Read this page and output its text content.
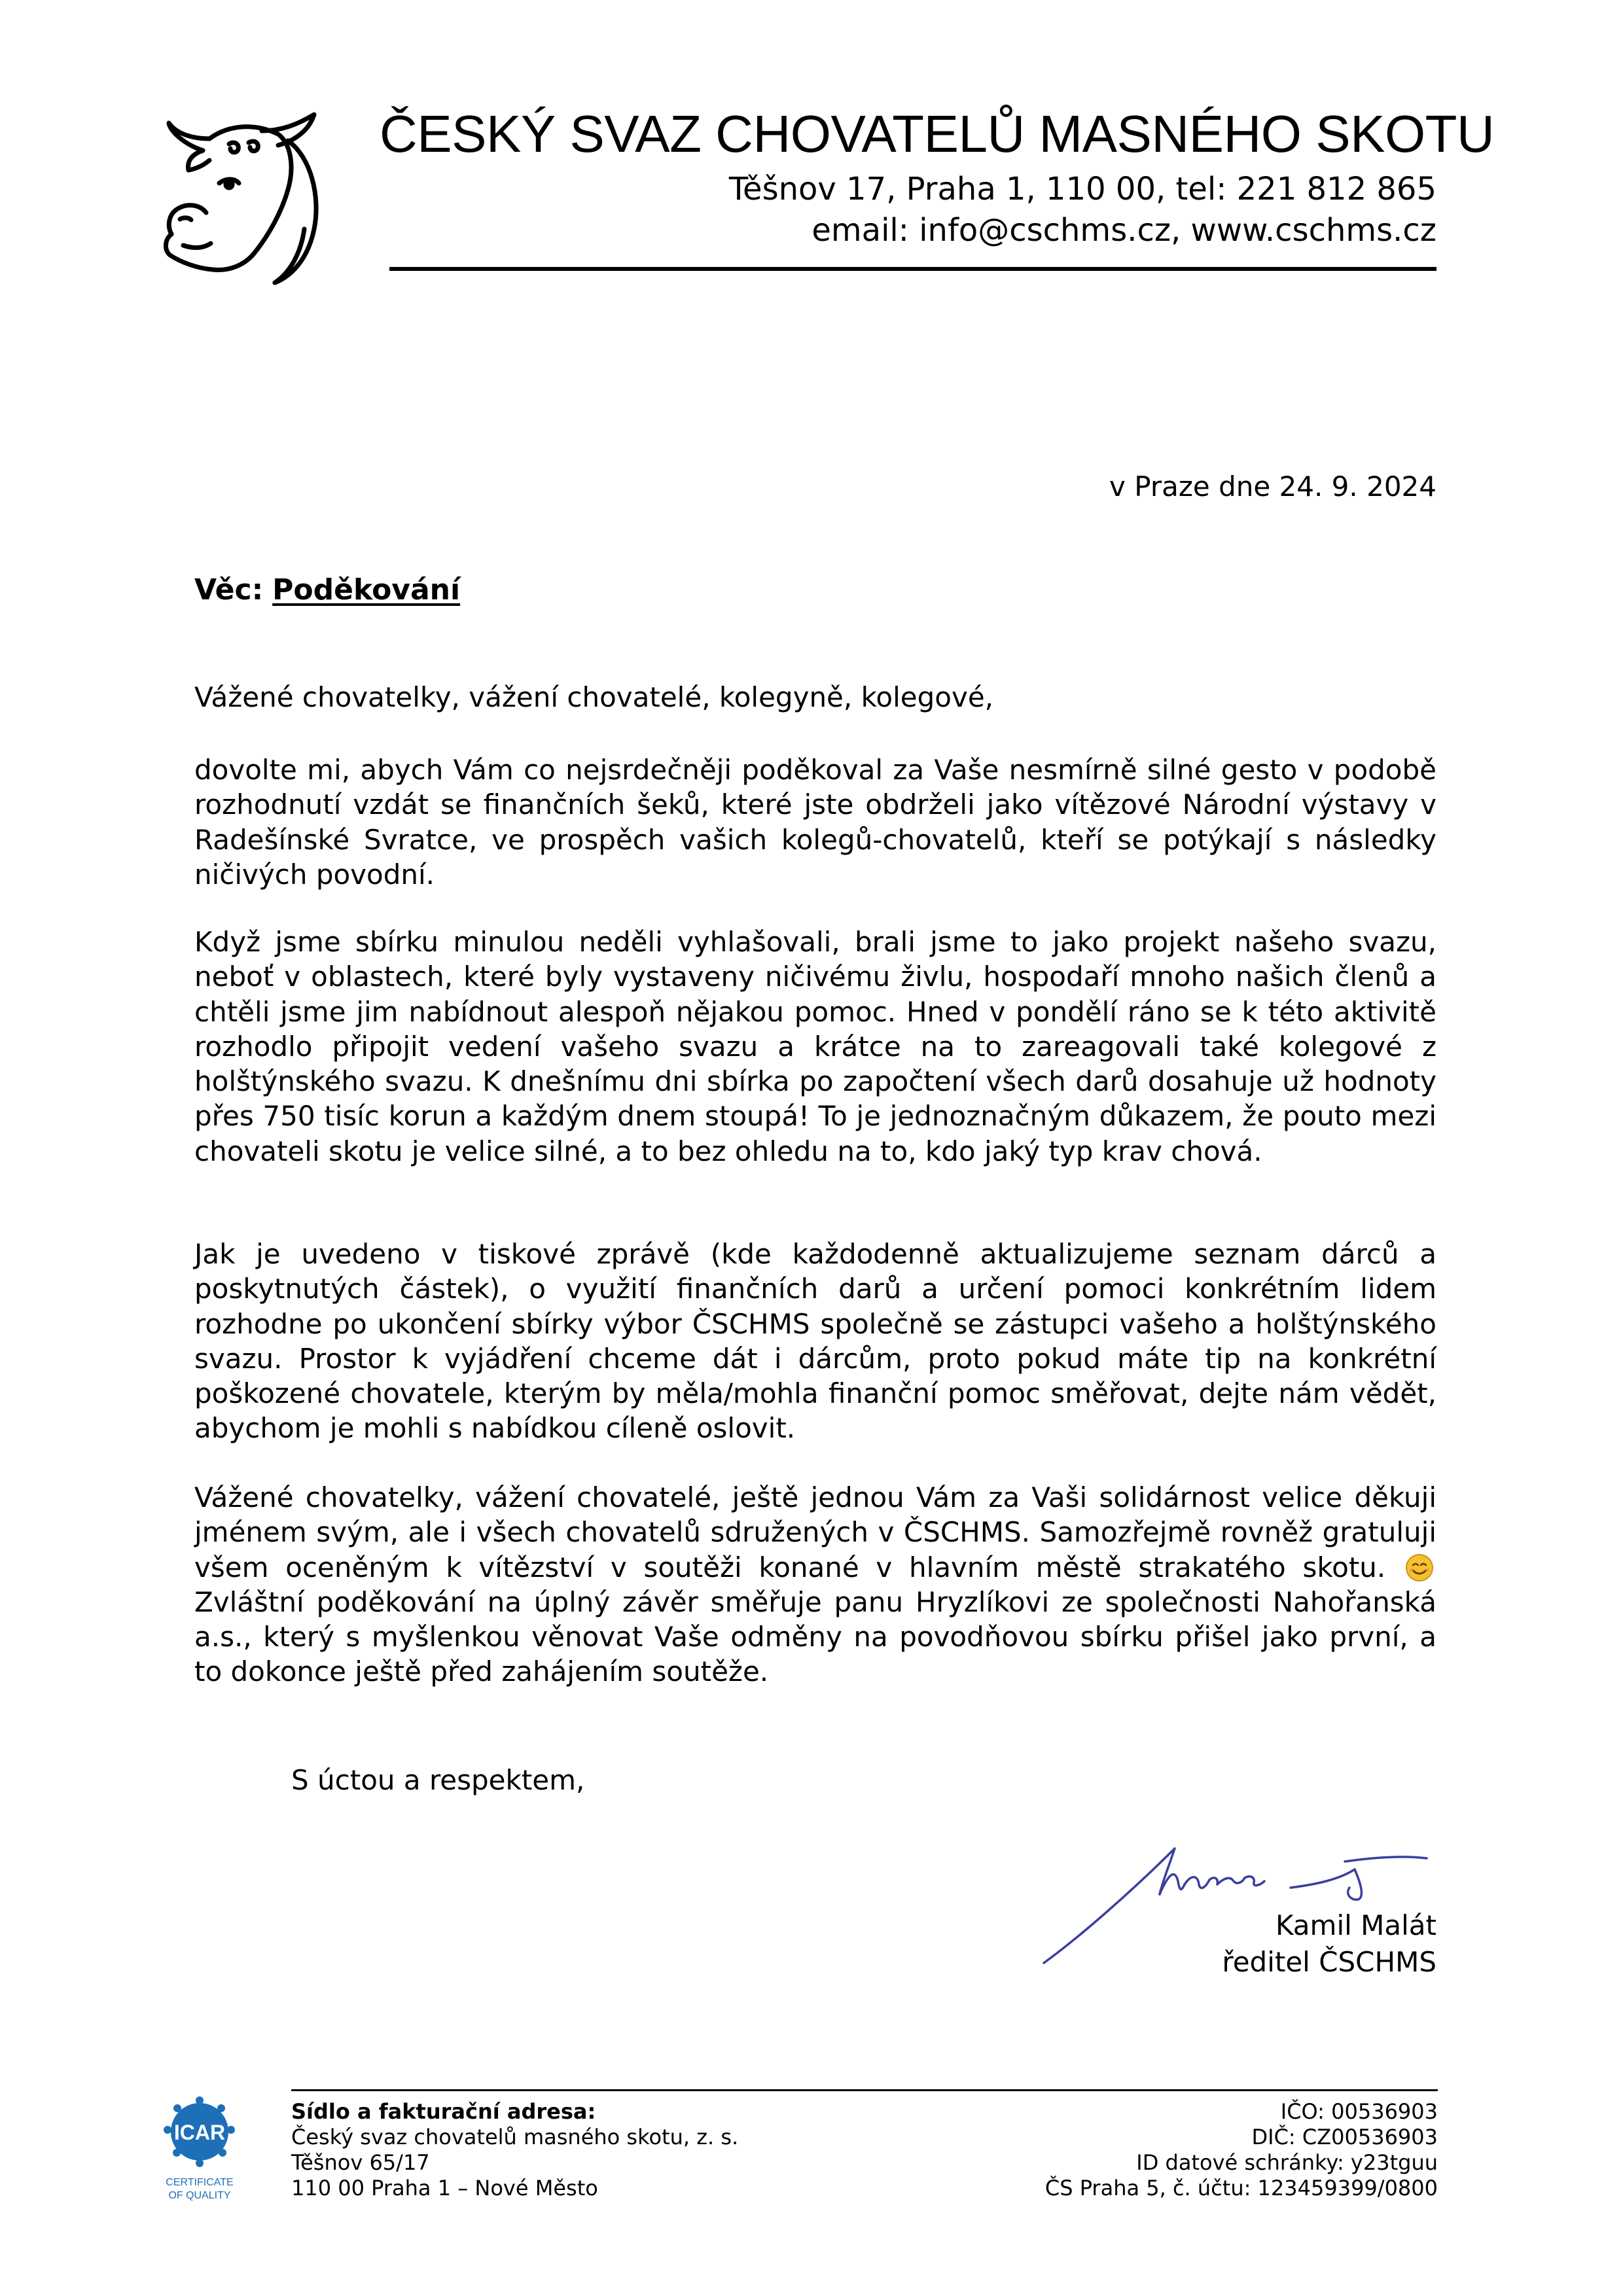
ČESKÝ SVAZ CHOVATELŮ MASNÉHO SKOTU
Těšnov 17, Praha 1, 110 00, tel: 221 812 865
email: info@cschms.cz, www.cschms.cz
v Praze dne 24. 9. 2024
Věc: Poděkování
Vážené chovatelky, vážení chovatelé, kolegyně, kolegové,
dovolte mi, abych Vám co nejsrdečněji poděkoval za Vaše nesmírně silné gesto v podobě rozhodnutí vzdát se finančních šeků, které jste obdrželi jako vítězové Národní výstavy v Radešínské Svratce, ve prospěch vašich kolegů-chovatelů, kteří se potýkají s následky ničivých povodní.
Když jsme sbírku minulou neděli vyhlašovali, brali jsme to jako projekt našeho svazu, neboť v oblastech, které byly vystaveny ničivému živlu, hospodaří mnoho našich členů a chtěli jsme jim nabídnout alespoň nějakou pomoc. Hned v pondělí ráno se k této aktivitě rozhodlo připojit vedení vašeho svazu a krátce na to zareagovali také kolegové z holštýnského svazu. K dnešnímu dni sbírka po započtení všech darů dosahuje už hodnoty přes 750 tisíc korun a každým dnem stoupá! To je jednoznačným důkazem, že pouto mezi chovateli skotu je velice silné, a to bez ohledu na to, kdo jaký typ krav chová.
Jak je uvedeno v tiskové zprávě (kde každodenně aktualizujeme seznam dárců a poskytnutých částek), o využití finančních darů a určení pomoci konkrétním lidem rozhodne po ukončení sbírky výbor ČSCHMS společně se zástupci vašeho a holštýnského svazu. Prostor k vyjádření chceme dát i dárcům, proto pokud máte tip na konkrétní poškozené chovatele, kterým by měla/mohla finanční pomoc směřovat, dejte nám vědět, abychom je mohli s nabídkou cíleně oslovit.
Vážené chovatelky, vážení chovatelé, ještě jednou Vám za Vaši solidárnost velice děkuji jménem svým, ale i všech chovatelů sdružených v ČSCHMS. Samozřejmě rovněž gratuluji všem oceněným k vítězství v soutěži konané v hlavním městě strakatého skotu.  Zvláštní poděkování na úplný závěr směřuje panu Hryzlíkovi ze společnosti Nahořanská a.s., který s myšlenkou věnovat Vaše odměny na povodňovou sbírku přišel jako první, a to dokonce ještě před zahájením soutěže.
S úctou a respektem,
Kamil Malát
ředitel ČSCHMS
ICAR
CERTIFICATE
OF QUALITY
Sídlo a fakturační adresa:
Český svaz chovatelů masného skotu, z. s.
Těšnov 65/17
110 00 Praha 1 – Nové Město
IČO: 00536903
DIČ: CZ00536903
ID datové schránky: y23tguu
ČS Praha 5, č. účtu: 123459399/0800
